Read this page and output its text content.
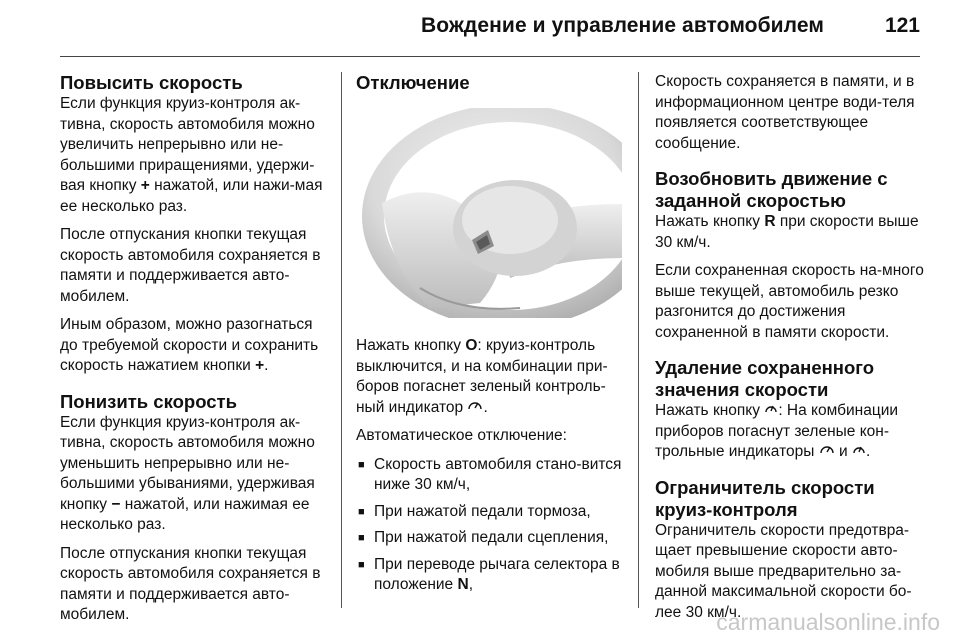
Вождение и управление автомобилем	121
Повысить скорость

Если функция круиз-контроля ак-тивна, скорость автомобиля можно увеличить непрерывно или не-большими приращениями, удержи-вая кнопку + нажатой, или нажи-мая ее несколько раз.

После отпускания кнопки текущая скорость автомобиля сохраняется в памяти и поддерживается авто-мобилем.

Иным образом, можно разогнаться до требуемой скорости и сохранить скорость нажатием кнопки +.

Понизить скорость

Если функция круиз-контроля ак-тивна, скорость автомобиля можно уменьшить непрерывно или не-большими убываниями, удерживая кнопку − нажатой, или нажимая ее несколько раз.

После отпускания кнопки текущая скорость автомобиля сохраняется в памяти и поддерживается авто-мобилем.

Отключение

Нажать кнопку O: круиз-контроль выключится, и на комбинации при-боров погаснет зеленый контроль-ный индикатор .

Автоматическое отключение:

■ Скорость автомобиля стано-вится ниже 30 км/ч,
■ При нажатой педали тормоза,
■ При нажатой педали сцепления,
■ При переводе рычага селектора в положение N,

Скорость сохраняется в памяти, и в информационном центре води-теля появляется соответствующее сообщение.

Возобновить движение с заданной скоростью

Нажать кнопку R при скорости выше 30 км/ч.

Если сохраненная скорость на-много выше текущей, автомобиль резко разгонится до достижения сохраненной в памяти скорости.

Удаление сохраненного значения скорости

Нажать кнопку : На комбинации приборов погаснут зеленые кон-трольные индикаторы  и .

Ограничитель скорости круиз-контроля

Ограничитель скорости предотвра-щает превышение скорости авто-мобиля выше предварительно за-данной максимальной скорости бо-лее 30 км/ч.

carmanualsonline.info
